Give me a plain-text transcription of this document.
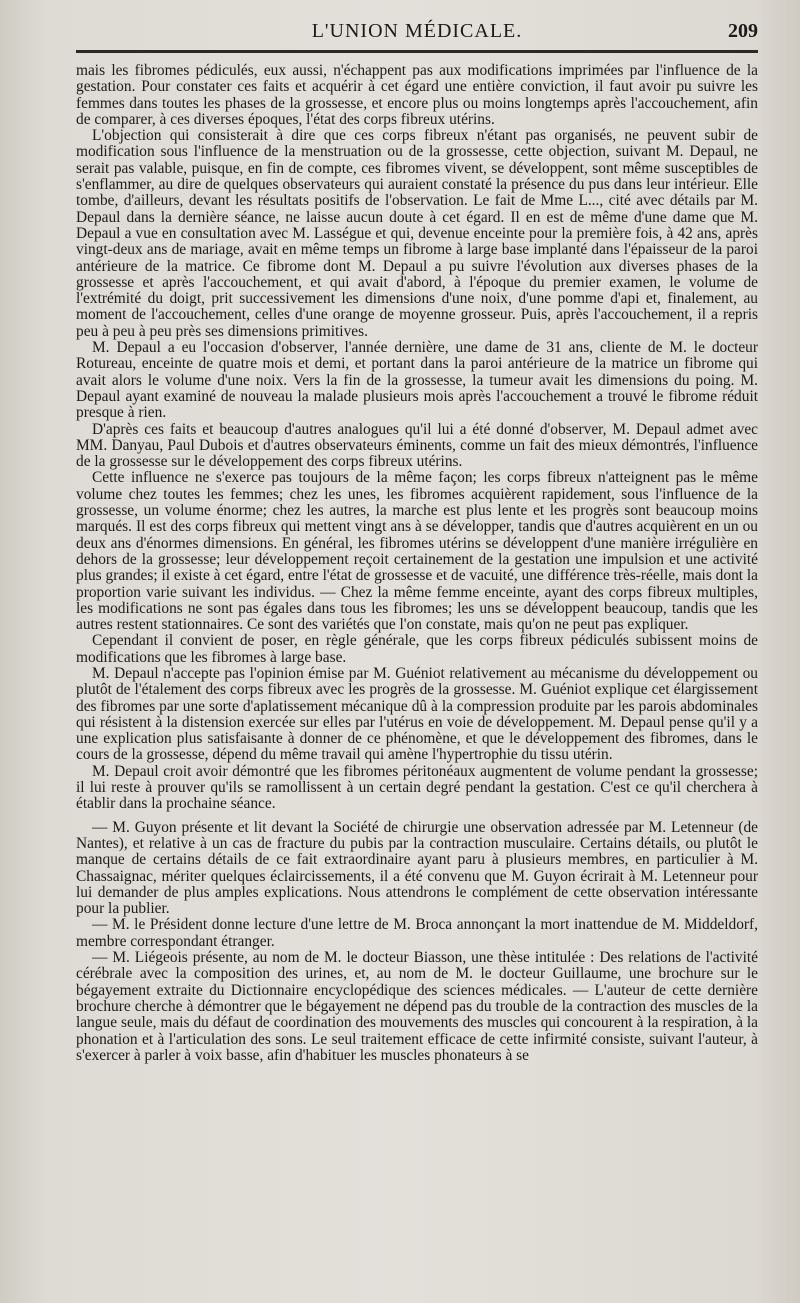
L'UNION MÉDICALE.	209

mais les fibromes pédiculés, eux aussi, n'échappent pas aux modifications imprimées par l'influence de la gestation. Pour constater ces faits et acquérir à cet égard une entière conviction, il faut avoir pu suivre les femmes dans toutes les phases de la grossesse, et encore plus ou moins longtemps après l'accouchement, afin de comparer, à ces diverses époques, l'état des corps fibreux utérins.

L'objection qui consisterait à dire que ces corps fibreux n'étant pas organisés, ne peuvent subir de modification sous l'influence de la menstruation ou de la grossesse, cette objection, suivant M. Depaul, ne serait pas valable, puisque, en fin de compte, ces fibromes vivent, se développent, sont même susceptibles de s'enflammer, au dire de quelques observateurs qui auraient constaté la présence du pus dans leur intérieur. Elle tombe, d'ailleurs, devant les résultats positifs de l'observation. Le fait de Mme L..., cité avec détails par M. Depaul dans la dernière séance, ne laisse aucun doute à cet égard. Il en est de même d'une dame que M. Depaul a vue en consultation avec M. Lasségue et qui, devenue enceinte pour la première fois, à 42 ans, après vingt-deux ans de mariage, avait en même temps un fibrome à large base implanté dans l'épaisseur de la paroi antérieure de la matrice. Ce fibrome dont M. Depaul a pu suivre l'évolution aux diverses phases de la grossesse et après l'accouchement, et qui avait d'abord, à l'époque du premier examen, le volume de l'extrémité du doigt, prit successivement les dimensions d'une noix, d'une pomme d'api et, finalement, au moment de l'accouchement, celles d'une orange de moyenne grosseur. Puis, après l'accouchement, il a repris peu à peu à peu près ses dimensions primitives.

M. Depaul a eu l'occasion d'observer, l'année dernière, une dame de 31 ans, cliente de M. le docteur Rotureau, enceinte de quatre mois et demi, et portant dans la paroi antérieure de la matrice un fibrome qui avait alors le volume d'une noix. Vers la fin de la grossesse, la tumeur avait les dimensions du poing. M. Depaul ayant examiné de nouveau la malade plusieurs mois après l'accouchement a trouvé le fibrome réduit presque à rien.

D'après ces faits et beaucoup d'autres analogues qu'il lui a été donné d'observer, M. Depaul admet avec MM. Danyau, Paul Dubois et d'autres observateurs éminents, comme un fait des mieux démontrés, l'influence de la grossesse sur le développement des corps fibreux utérins.

Cette influence ne s'exerce pas toujours de la même façon; les corps fibreux n'atteignent pas le même volume chez toutes les femmes; chez les unes, les fibromes acquièrent rapidement, sous l'influence de la grossesse, un volume énorme; chez les autres, la marche est plus lente et les progrès sont beaucoup moins marqués. Il est des corps fibreux qui mettent vingt ans à se développer, tandis que d'autres acquièrent en un ou deux ans d'énormes dimensions. En général, les fibromes utérins se développent d'une manière irrégulière en dehors de la grossesse; leur développement reçoit certainement de la gestation une impulsion et une activité plus grandes; il existe à cet égard, entre l'état de grossesse et de vacuité, une différence très-réelle, mais dont la proportion varie suivant les individus. — Chez la même femme enceinte, ayant des corps fibreux multiples, les modifications ne sont pas égales dans tous les fibromes; les uns se développent beaucoup, tandis que les autres restent stationnaires. Ce sont des variétés que l'on constate, mais qu'on ne peut pas expliquer.

Cependant il convient de poser, en règle générale, que les corps fibreux pédiculés subissent moins de modifications que les fibromes à large base.

M. Depaul n'accepte pas l'opinion émise par M. Guéniot relativement au mécanisme du développement ou plutôt de l'étalement des corps fibreux avec les progrès de la grossesse. M. Guéniot explique cet élargissement des fibromes par une sorte d'aplatissement mécanique dû à la compression produite par les parois abdominales qui résistent à la distension exercée sur elles par l'utérus en voie de développement. M. Depaul pense qu'il y a une explication plus satisfaisante à donner de ce phénomène, et que le développement des fibromes, dans le cours de la grossesse, dépend du même travail qui amène l'hypertrophie du tissu utérin.

M. Depaul croit avoir démontré que les fibromes péritonéaux augmentent de volume pendant la grossesse; il lui reste à prouver qu'ils se ramollissent à un certain degré pendant la gestation. C'est ce qu'il cherchera à établir dans la prochaine séance.

— M. Guyon présente et lit devant la Société de chirurgie une observation adressée par M. Letenneur (de Nantes), et relative à un cas de fracture du pubis par la contraction musculaire. Certains détails, ou plutôt le manque de certains détails de ce fait extraordinaire ayant paru à plusieurs membres, en particulier à M. Chassaignac, mériter quelques éclaircissements, il a été convenu que M. Guyon écrirait à M. Letenneur pour lui demander de plus amples explications. Nous attendrons le complément de cette observation intéressante pour la publier.

— M. le Président donne lecture d'une lettre de M. Broca annonçant la mort inattendue de M. Middeldorf, membre correspondant étranger.

— M. Liégeois présente, au nom de M. le docteur Biasson, une thèse intitulée : Des relations de l'activité cérébrale avec la composition des urines, et, au nom de M. le docteur Guillaume, une brochure sur le bégayement extraite du Dictionnaire encyclopédique des sciences médicales. — L'auteur de cette dernière brochure cherche à démontrer que le bégayement ne dépend pas du trouble de la contraction des muscles de la langue seule, mais du défaut de coordination des mouvements des muscles qui concourent à la respiration, à la phonation et à l'articulation des sons. Le seul traitement efficace de cette infirmité consiste, suivant l'auteur, à s'exercer à parler à voix basse, afin d'habituer les muscles phonateurs à se
